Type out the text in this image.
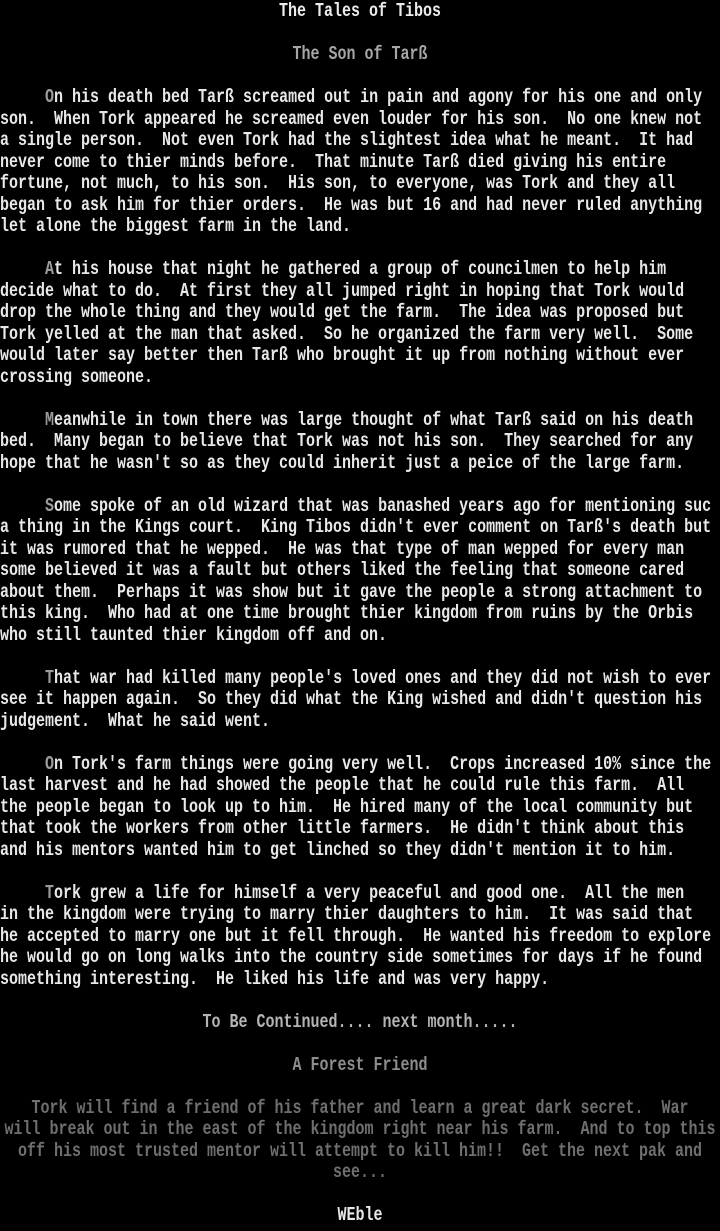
The Tales of Tibos

The Son of Tarß

On his death bed Tarß screamed out in pain and agony for his one and only
son.  When Tork appeared he screamed even louder for his son.  No one knew not
a single person.  Not even Tork had the slightest idea what he meant.  It had
never come to thier minds before.  That minute Tarß died giving his entire
fortune, not much, to his son.  His son, to everyone, was Tork and they all
began to ask him for thier orders.  He was but 16 and had never ruled anything
let alone the biggest farm in the land.

At his house that night he gathered a group of councilmen to help him
decide what to do.  At first they all jumped right in hoping that Tork would
drop the whole thing and they would get the farm.  The idea was proposed but
Tork yelled at the man that asked.  So he organized the farm very well.  Some
would later say better then Tarß who brought it up from nothing without ever
crossing someone.

Meanwhile in town there was large thought of what Tarß said on his death
bed.  Many began to believe that Tork was not his son.  They searched for any
hope that he wasn't so as they could inherit just a peice of the large farm.

Some spoke of an old wizard that was banashed years ago for mentioning suc
a thing in the Kings court.  King Tibos didn't ever comment on Tarß's death but
it was rumored that he wepped.  He was that type of man wepped for every man
some believed it was a fault but others liked the feeling that someone cared
about them.  Perhaps it was show but it gave the people a strong attachment to
this king.  Who had at one time brought thier kingdom from ruins by the Orbis
who still taunted thier kingdom off and on.

That war had killed many people's loved ones and they did not wish to ever
see it happen again.  So they did what the King wished and didn't question his
judgement.  What he said went.

On Tork's farm things were going very well.  Crops increased 10% since the
last harvest and he had showed the people that he could rule this farm.  All
the people began to look up to him.  He hired many of the local community but
that took the workers from other little farmers.  He didn't think about this
and his mentors wanted him to get linched so they didn't mention it to him.

Tork grew a life for himself a very peaceful and good one.  All the men
in the kingdom were trying to marry thier daughters to him.  It was said that
he accepted to marry one but it fell through.  He wanted his freedom to explore
he would go on long walks into the country side sometimes for days if he found
something interesting.  He liked his life and was very happy.

To Be Continued.... next month.....

A Forest Friend

Tork will find a friend of his father and learn a great dark secret.  War
will break out in the east of the kingdom right near his farm.  And to top this
off his most trusted mentor will attempt to kill him!!  Get the next pak and
see...

WEble
